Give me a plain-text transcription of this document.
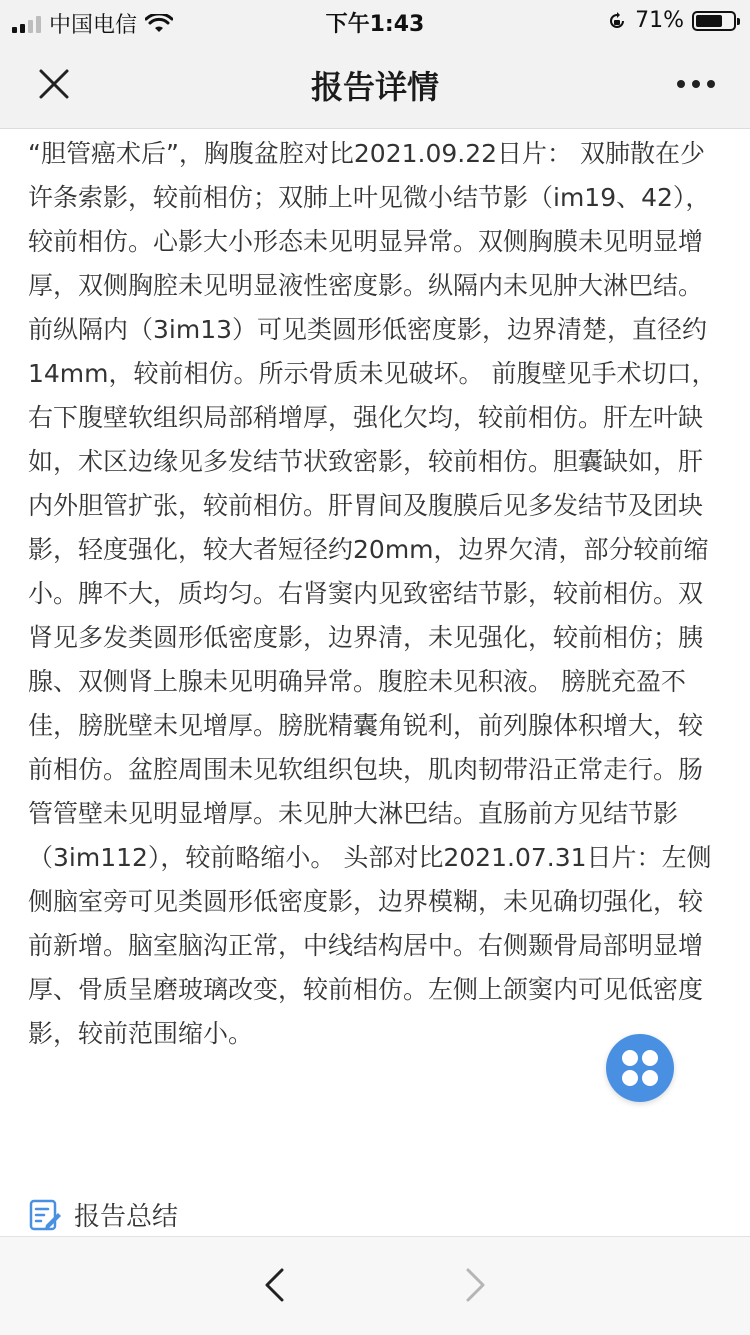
中国电信	下午1:43	71%
报告详情

“胆管癌术后”，胸腹盆腔对比2021.09.22日片： 双肺散在少许条索影，较前相仿；双肺上叶见微小结节影（im19、42），较前相仿。心影大小形态未见明显异常。双侧胸膜未见明显增厚，双侧胸腔未见明显液性密度影。纵隔内未见肿大淋巴结。前纵隔内（3im13）可见类圆形低密度影，边界清楚，直径约14mm，较前相仿。所示骨质未见破坏。 前腹壁见手术切口，右下腹壁软组织局部稍增厚，强化欠均，较前相仿。肝左叶缺如，术区边缘见多发结节状致密影，较前相仿。胆囊缺如，肝内外胆管扩张，较前相仿。肝胃间及腹膜后见多发结节及团块影，轻度强化，较大者短径约20mm，边界欠清，部分较前缩小。脾不大，质均匀。右肾窦内见致密结节影，较前相仿。双肾见多发类圆形低密度影，边界清，未见强化，较前相仿；胰腺、双侧肾上腺未见明确异常。腹腔未见积液。 膀胱充盈不佳，膀胱壁未见增厚。膀胱精囊角锐利，前列腺体积增大，较前相仿。盆腔周围未见软组织包块，肌肉韧带沿正常走行。肠管管壁未见明显增厚。未见肿大淋巴结。直肠前方见结节影（3im112），较前略缩小。 头部对比2021.07.31日片：左侧侧脑室旁可见类圆形低密度影，边界模糊，未见确切强化，较前新增。脑室脑沟正常，中线结构居中。右侧颞骨局部明显增厚、骨质呈磨玻璃改变，较前相仿。左侧上颌窦内可见低密度影，较前范围缩小。

报告总结
